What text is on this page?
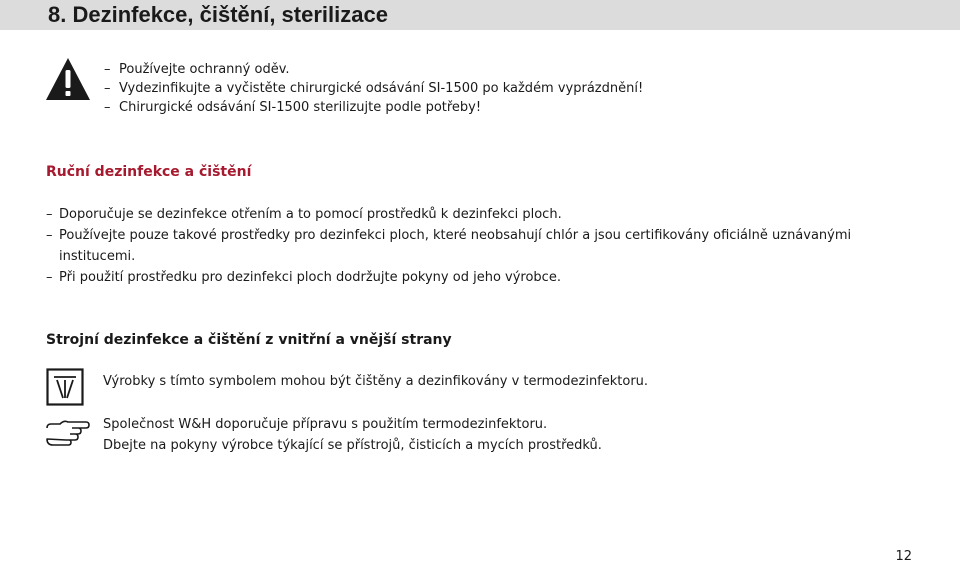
8. Dezinfekce, čištění, sterilizace
– Používejte ochranný oděv.
– Vydezinfikujte a vyčistěte chirurgické odsávání SI-1500 po každém vyprázdnění!
– Chirurgické odsávání SI-1500 sterilizujte podle potřeby!
Ruční dezinfekce a čištění
– Doporučuje se dezinfekce otřením a to pomocí prostředků k dezinfekci ploch.
– Používejte pouze takové prostředky pro dezinfekci ploch, které neobsahují chlór a jsou certifikovány oficiálně uznávanými institucemi.
– Při použití prostředku pro dezinfekci ploch dodržujte pokyny od jeho výrobce.
Strojní dezinfekce a čištění z vnitřní a vnější strany
Výrobky s tímto symbolem mohou být čištěny a dezinfikovány v termodezinfektoru.
Společnost W&H doporučuje přípravu s použitím termodezinfektoru.
Dbejte na pokyny výrobce týkající se přístrojů, čisticích a mycích prostředků.
12
